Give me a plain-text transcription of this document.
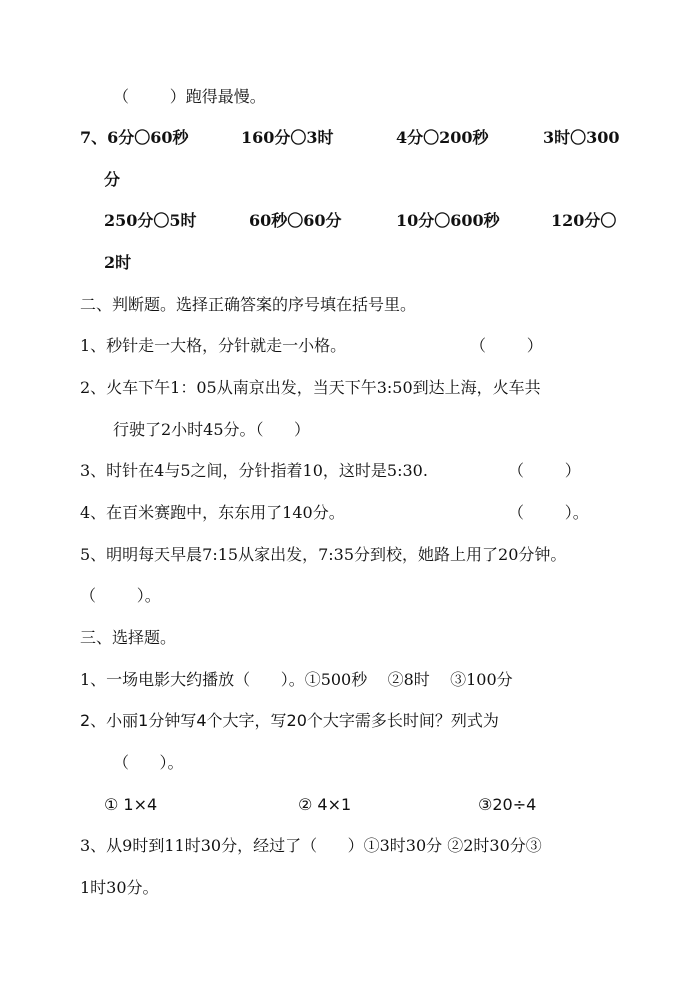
（        ）跑得最慢。
7、6分〇60秒	160分〇3时	4分〇200秒	3时〇300
分
250分〇5时	60秒〇60分	10分〇600秒	120分〇
2时
二、判断题。选择正确答案的序号填在括号里。
1、秒针走一大格，分针就走一小格。	（        ）
2、火车下午1：05从南京出发，当天下午3:50到达上海，火车共
行驶了2小时45分。（      ）
3、时针在4与5之间，分针指着10，这时是5:30.	（        ）
4、在百米赛跑中，东东用了140分。	（        ）。
5、明明每天早晨7:15从家出发，7:35分到校，她路上用了20分钟。
（        ）。
三、选择题。
1、一场电影大约播放（      ）。①500秒    ②8时    ③100分
2、小丽1分钟写4个大字，写20个大字需多长时间？列式为
（      ）。
① 1×4	② 4×1	③20÷4
3、从9时到11时30分，经过了（      ）①3时30分 ②2时30分③
1时30分。
